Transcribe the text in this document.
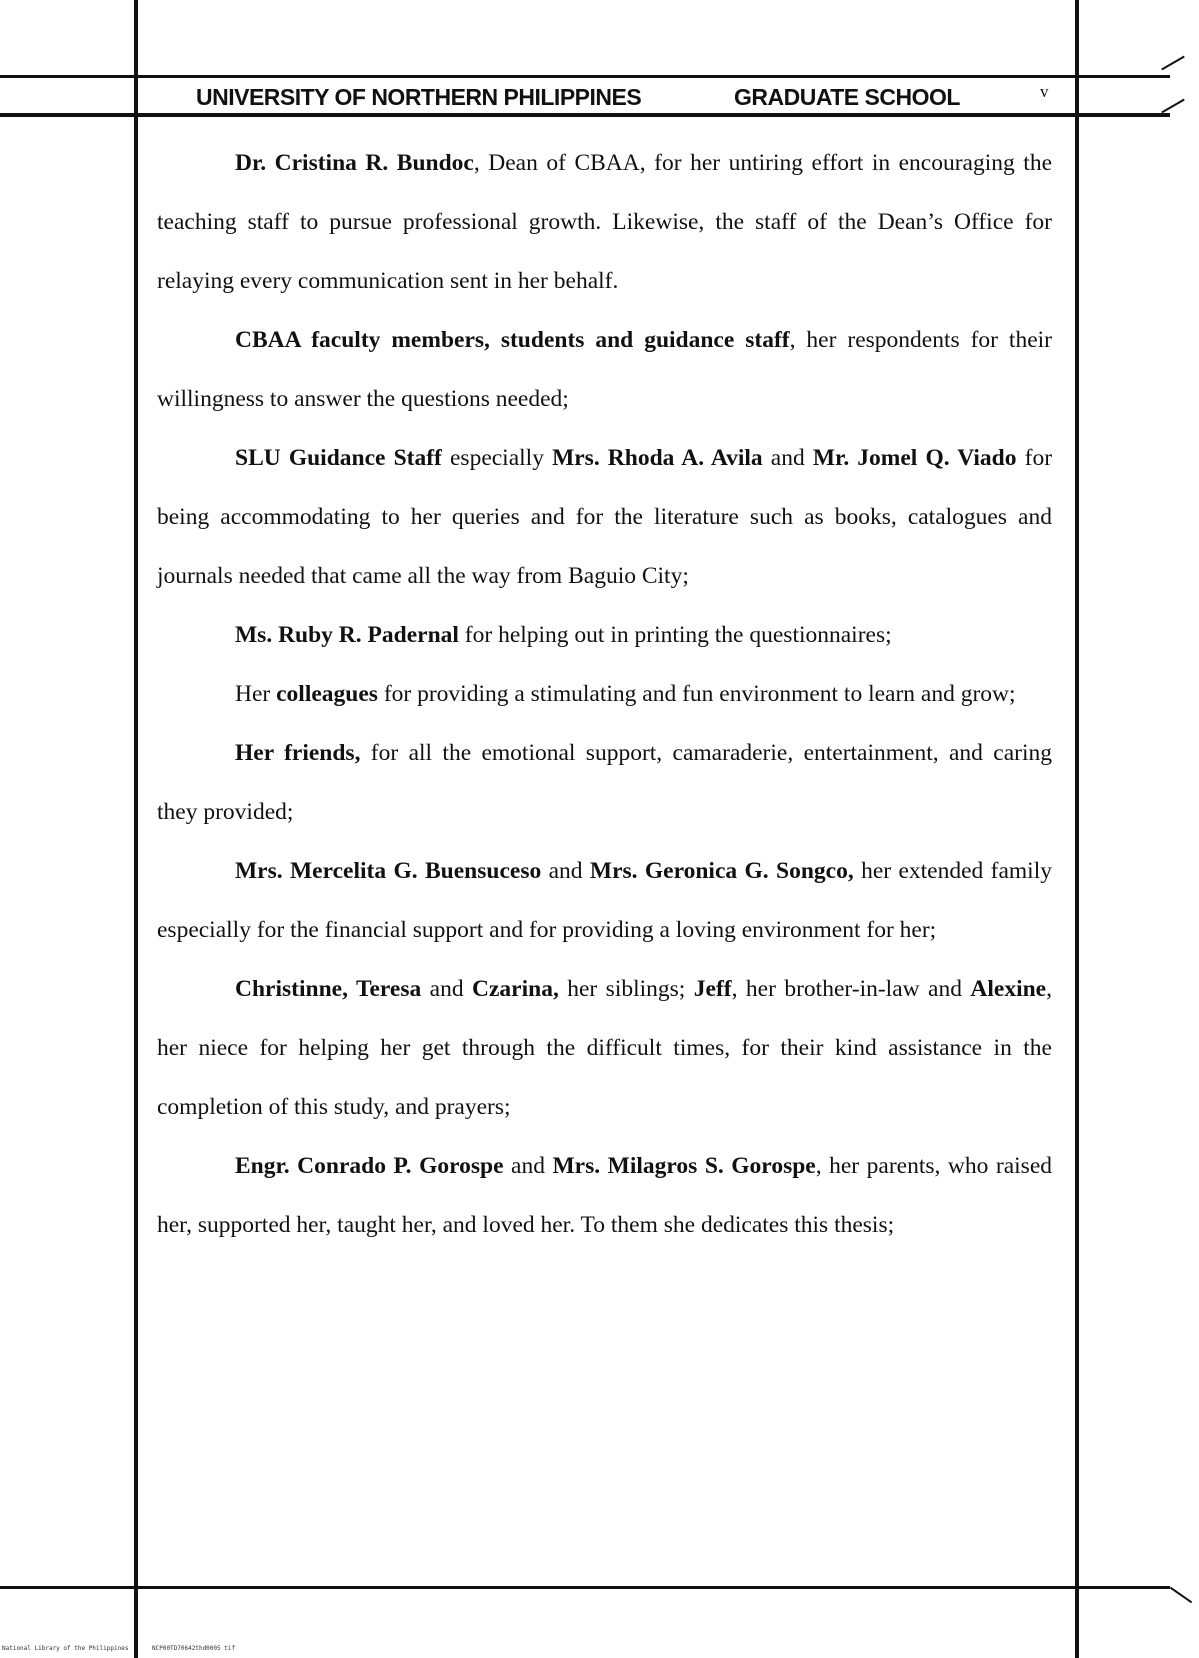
UNIVERSITY OF NORTHERN PHILIPPINES	GRADUATE SCHOOL	v

Dr. Cristina R. Bundoc, Dean of CBAA, for her untiring effort in encouraging the teaching staff to pursue professional growth. Likewise, the staff of the Dean’s Office for relaying every communication sent in her behalf.

CBAA faculty members, students and guidance staff, her respondents for their willingness to answer the questions needed;

SLU Guidance Staff especially Mrs. Rhoda A. Avila and Mr. Jomel Q. Viado for being accommodating to her queries and for the literature such as books, catalogues and journals needed that came all the way from Baguio City;

Ms. Ruby R. Padernal for helping out in printing the questionnaires;

Her colleagues for providing a stimulating and fun environment to learn and grow;

Her friends, for all the emotional support, camaraderie, entertainment, and caring they provided;

Mrs. Mercelita G. Buensuceso and Mrs. Geronica G. Songco, her extended family especially for the financial support and for providing a loving environment for her;

Christinne, Teresa and Czarina, her siblings; Jeff, her brother-in-law and Alexine, her niece for helping her get through the difficult times, for their kind assistance in the completion of this study, and prayers;

Engr. Conrado P. Gorospe and Mrs. Milagros S. Gorospe, her parents, who raised her, supported her, taught her, and loved her. To them she dedicates this thesis;

National Library of the Philippines	NCP00TD70642thd0005 tif
